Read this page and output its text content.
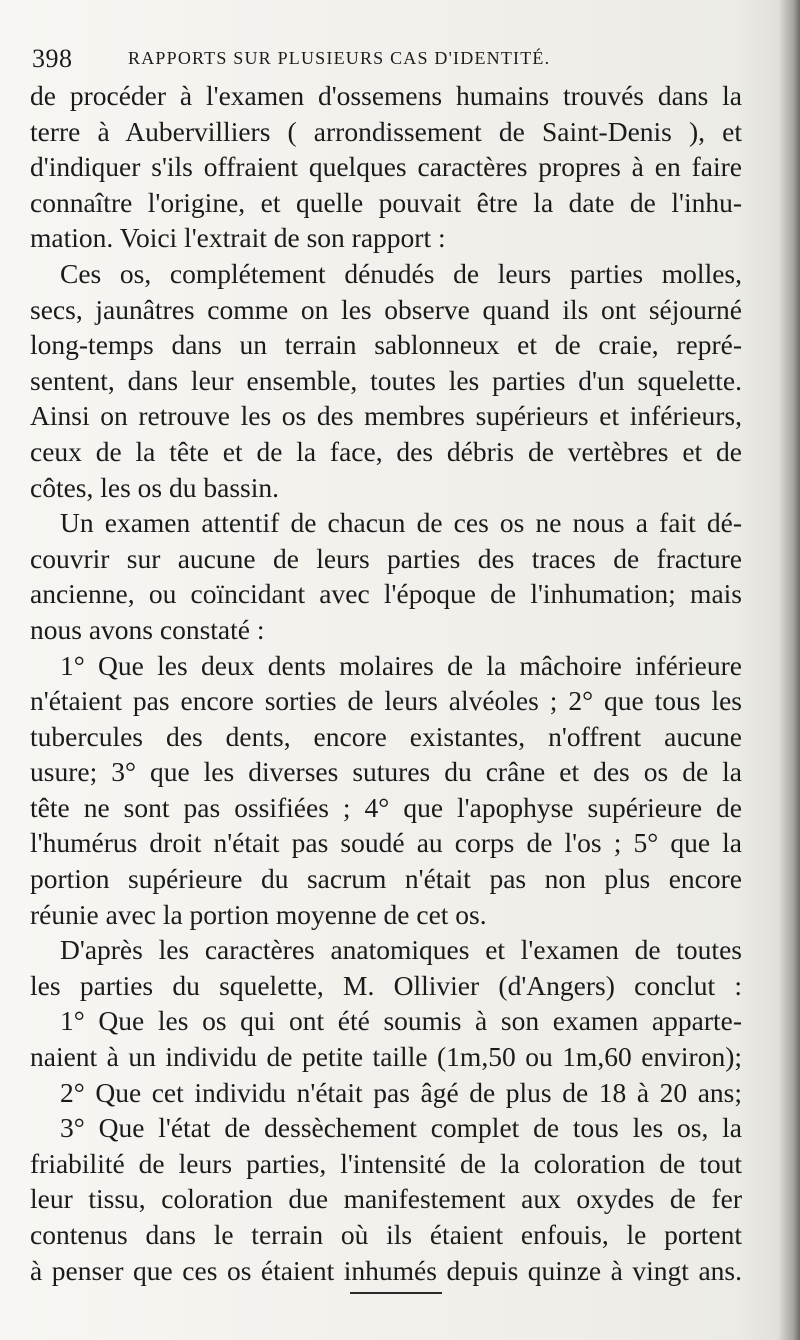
398	RAPPORTS SUR PLUSIEURS CAS D'IDENTITÉ.
de procéder à l'examen d'ossemens humains trouvés dans la
terre à Aubervilliers ( arrondissement de Saint-Denis ), et
d'indiquer s'ils offraient quelques caractères propres à en faire
connaître l'origine, et quelle pouvait être la date de l'inhu-
mation. Voici l'extrait de son rapport :
Ces os, complétement dénudés de leurs parties molles,
secs, jaunâtres comme on les observe quand ils ont séjourné
long-temps dans un terrain sablonneux et de craie, repré-
sentent, dans leur ensemble, toutes les parties d'un squelette.
Ainsi on retrouve les os des membres supérieurs et inférieurs,
ceux de la tête et de la face, des débris de vertèbres et de
côtes, les os du bassin.
Un examen attentif de chacun de ces os ne nous a fait dé-
couvrir sur aucune de leurs parties des traces de fracture
ancienne, ou coïncidant avec l'époque de l'inhumation; mais
nous avons constaté :
1° Que les deux dents molaires de la mâchoire inférieure
n'étaient pas encore sorties de leurs alvéoles ; 2° que tous les
tubercules des dents, encore existantes, n'offrent aucune
usure; 3° que les diverses sutures du crâne et des os de la
tête ne sont pas ossifiées ; 4° que l'apophyse supérieure de
l'humérus droit n'était pas soudé au corps de l'os ; 5° que la
portion supérieure du sacrum n'était pas non plus encore
réunie avec la portion moyenne de cet os.
D'après les caractères anatomiques et l'examen de toutes
les parties du squelette, M. Ollivier (d'Angers) conclut :
1° Que les os qui ont été soumis à son examen apparte-
naient à un individu de petite taille (1m,50 ou 1m,60 environ);
2° Que cet individu n'était pas âgé de plus de 18 à 20 ans;
3° Que l'état de dessèchement complet de tous les os, la
friabilité de leurs parties, l'intensité de la coloration de tout
leur tissu, coloration due manifestement aux oxydes de fer
contenus dans le terrain où ils étaient enfouis, le portent
à penser que ces os étaient inhumés depuis quinze à vingt ans.
